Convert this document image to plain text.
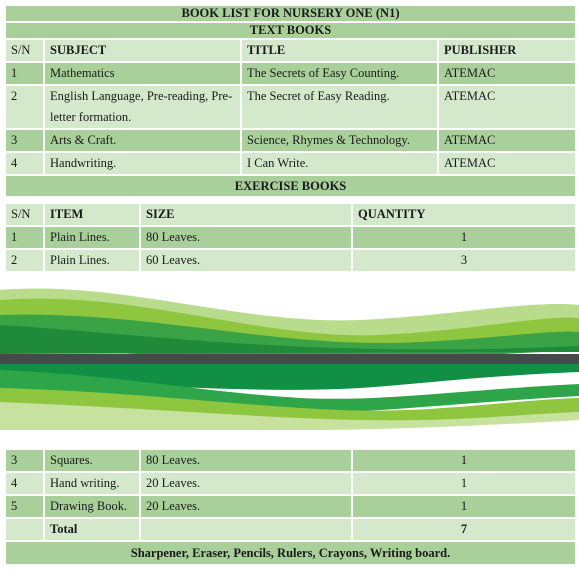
BOOK LIST FOR NURSERY ONE (N1)			
TEXT BOOKS			
S/N	SUBJECT	TITLE	PUBLISHER
1	Mathematics	The Secrets of Easy Counting.	ATEMAC
2	English Language, Pre-reading, Pre-letter formation.	The Secret of Easy Reading.	ATEMAC
3	Arts & Craft.	Science, Rhymes & Technology.	ATEMAC
4	Handwriting.	I Can Write.	ATEMAC
EXERCISE BOOKS			
S/N	ITEM	SIZE	QUANTITY
1	Plain Lines.	80 Leaves.	1
2	Plain Lines.	60 Leaves.	3
3	Squares.	80 Leaves.	1
4	Hand writing.	20 Leaves.	1
5	Drawing Book.	20 Leaves.	1
	Total		7
Sharpener, Eraser, Pencils, Rulers, Crayons, Writing board.			
